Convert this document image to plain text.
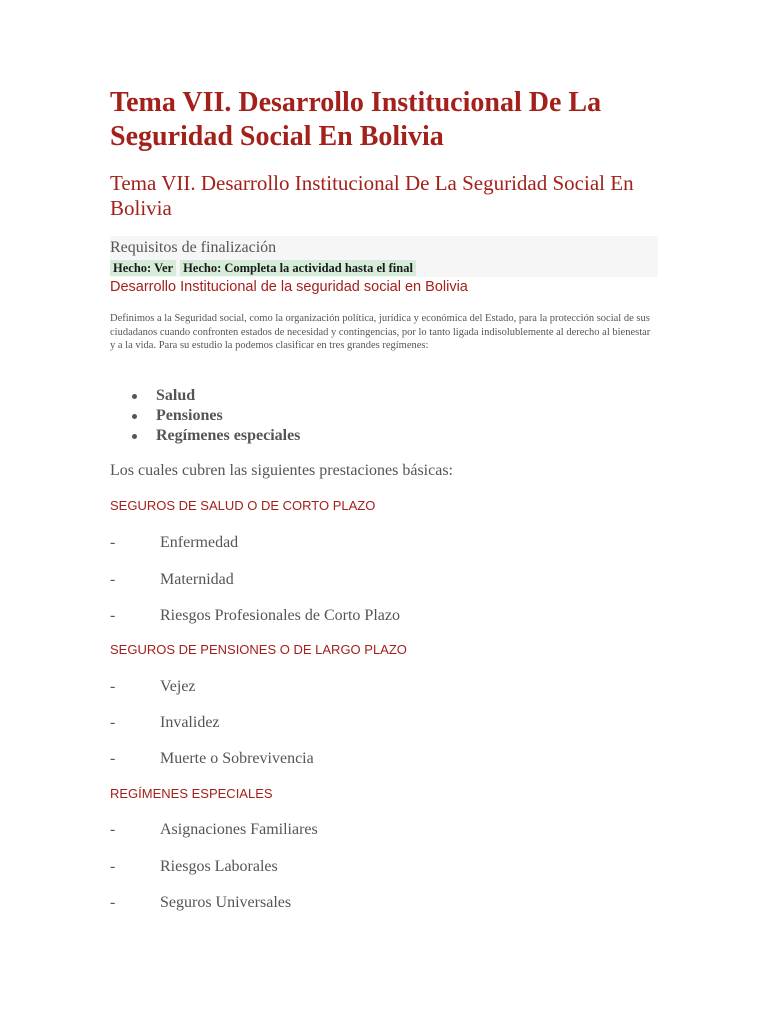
Tema VII. Desarrollo Institucional De La Seguridad Social En Bolivia
Tema VII. Desarrollo Institucional De La Seguridad Social En Bolivia
Requisitos de finalización
Hecho: Ver Hecho: Completa la actividad hasta el final
Desarrollo Institucional de la seguridad social en Bolivia

Definimos a la Seguridad social, como la organización política, jurídica y económica del Estado, para la protección social de sus ciudadanos cuando confronten estados de necesidad y contingencias, por lo tanto ligada indisolublemente al derecho al bienestar y a la vida. Para su estudio la podemos clasificar en tres grandes regímenes:

Salud
Pensiones
Regímenes especiales
Los cuales cubren las siguientes prestaciones básicas:
SEGUROS DE SALUD O DE CORTO PLAZO
-	Enfermedad
-	Maternidad
-	Riesgos Profesionales de Corto Plazo
SEGUROS DE PENSIONES O DE LARGO PLAZO
-	Vejez
-	Invalidez
-	Muerte o Sobrevivencia
REGÍMENES ESPECIALES
-	Asignaciones Familiares
-	Riesgos Laborales
-	Seguros Universales
